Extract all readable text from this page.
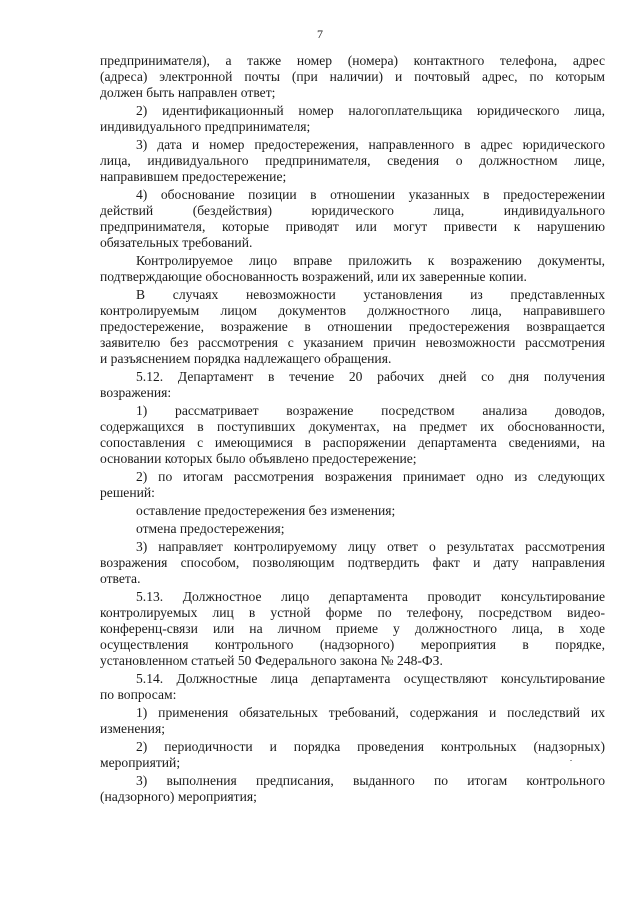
7
предпринимателя), а также номер (номера) контактного телефона, адрес
(адреса) электронной почты (при наличии) и почтовый адрес, по которым
должен быть направлен ответ;
2) идентификационный номер налогоплательщика юридического лица,
индивидуального предпринимателя;
3) дата и номер предостережения, направленного в адрес юридического
лица, индивидуального предпринимателя, сведения о должностном лице,
направившем предостережение;
4) обоснование позиции в отношении указанных в предостережении
действий (бездействия) юридического лица, индивидуального
предпринимателя, которые приводят или могут привести к нарушению
обязательных требований.
Контролируемое лицо вправе приложить к возражению документы,
подтверждающие обоснованность возражений, или их заверенные копии.
В случаях невозможности установления из представленных
контролируемым лицом документов должностного лица, направившего
предостережение, возражение в отношении предостережения возвращается
заявителю без рассмотрения с указанием причин невозможности рассмотрения
и разъяснением порядка надлежащего обращения.
5.12. Департамент в течение 20 рабочих дней со дня получения
возражения:
1) рассматривает возражение посредством анализа доводов,
содержащихся в поступивших документах, на предмет их обоснованности,
сопоставления с имеющимися в распоряжении департамента сведениями, на
основании которых было объявлено предостережение;
2) по итогам рассмотрения возражения принимает одно из следующих
решений:
оставление предостережения без изменения;
отмена предостережения;
3) направляет контролируемому лицу ответ о результатах рассмотрения
возражения способом, позволяющим подтвердить факт и дату направления
ответа.
5.13. Должностное лицо департамента проводит консультирование
контролируемых лиц в устной форме по телефону, посредством видео-
конференц-связи или на личном приеме у должностного лица, в ходе
осуществления контрольного (надзорного) мероприятия в порядке,
установленном статьей 50 Федерального закона № 248-ФЗ.
5.14. Должностные лица департамента осуществляют консультирование
по вопросам:
1) применения обязательных требований, содержания и последствий их
изменения;
2) периодичности и порядка проведения контрольных (надзорных)
мероприятий;
3) выполнения предписания, выданного по итогам контрольного
(надзорного) мероприятия;
